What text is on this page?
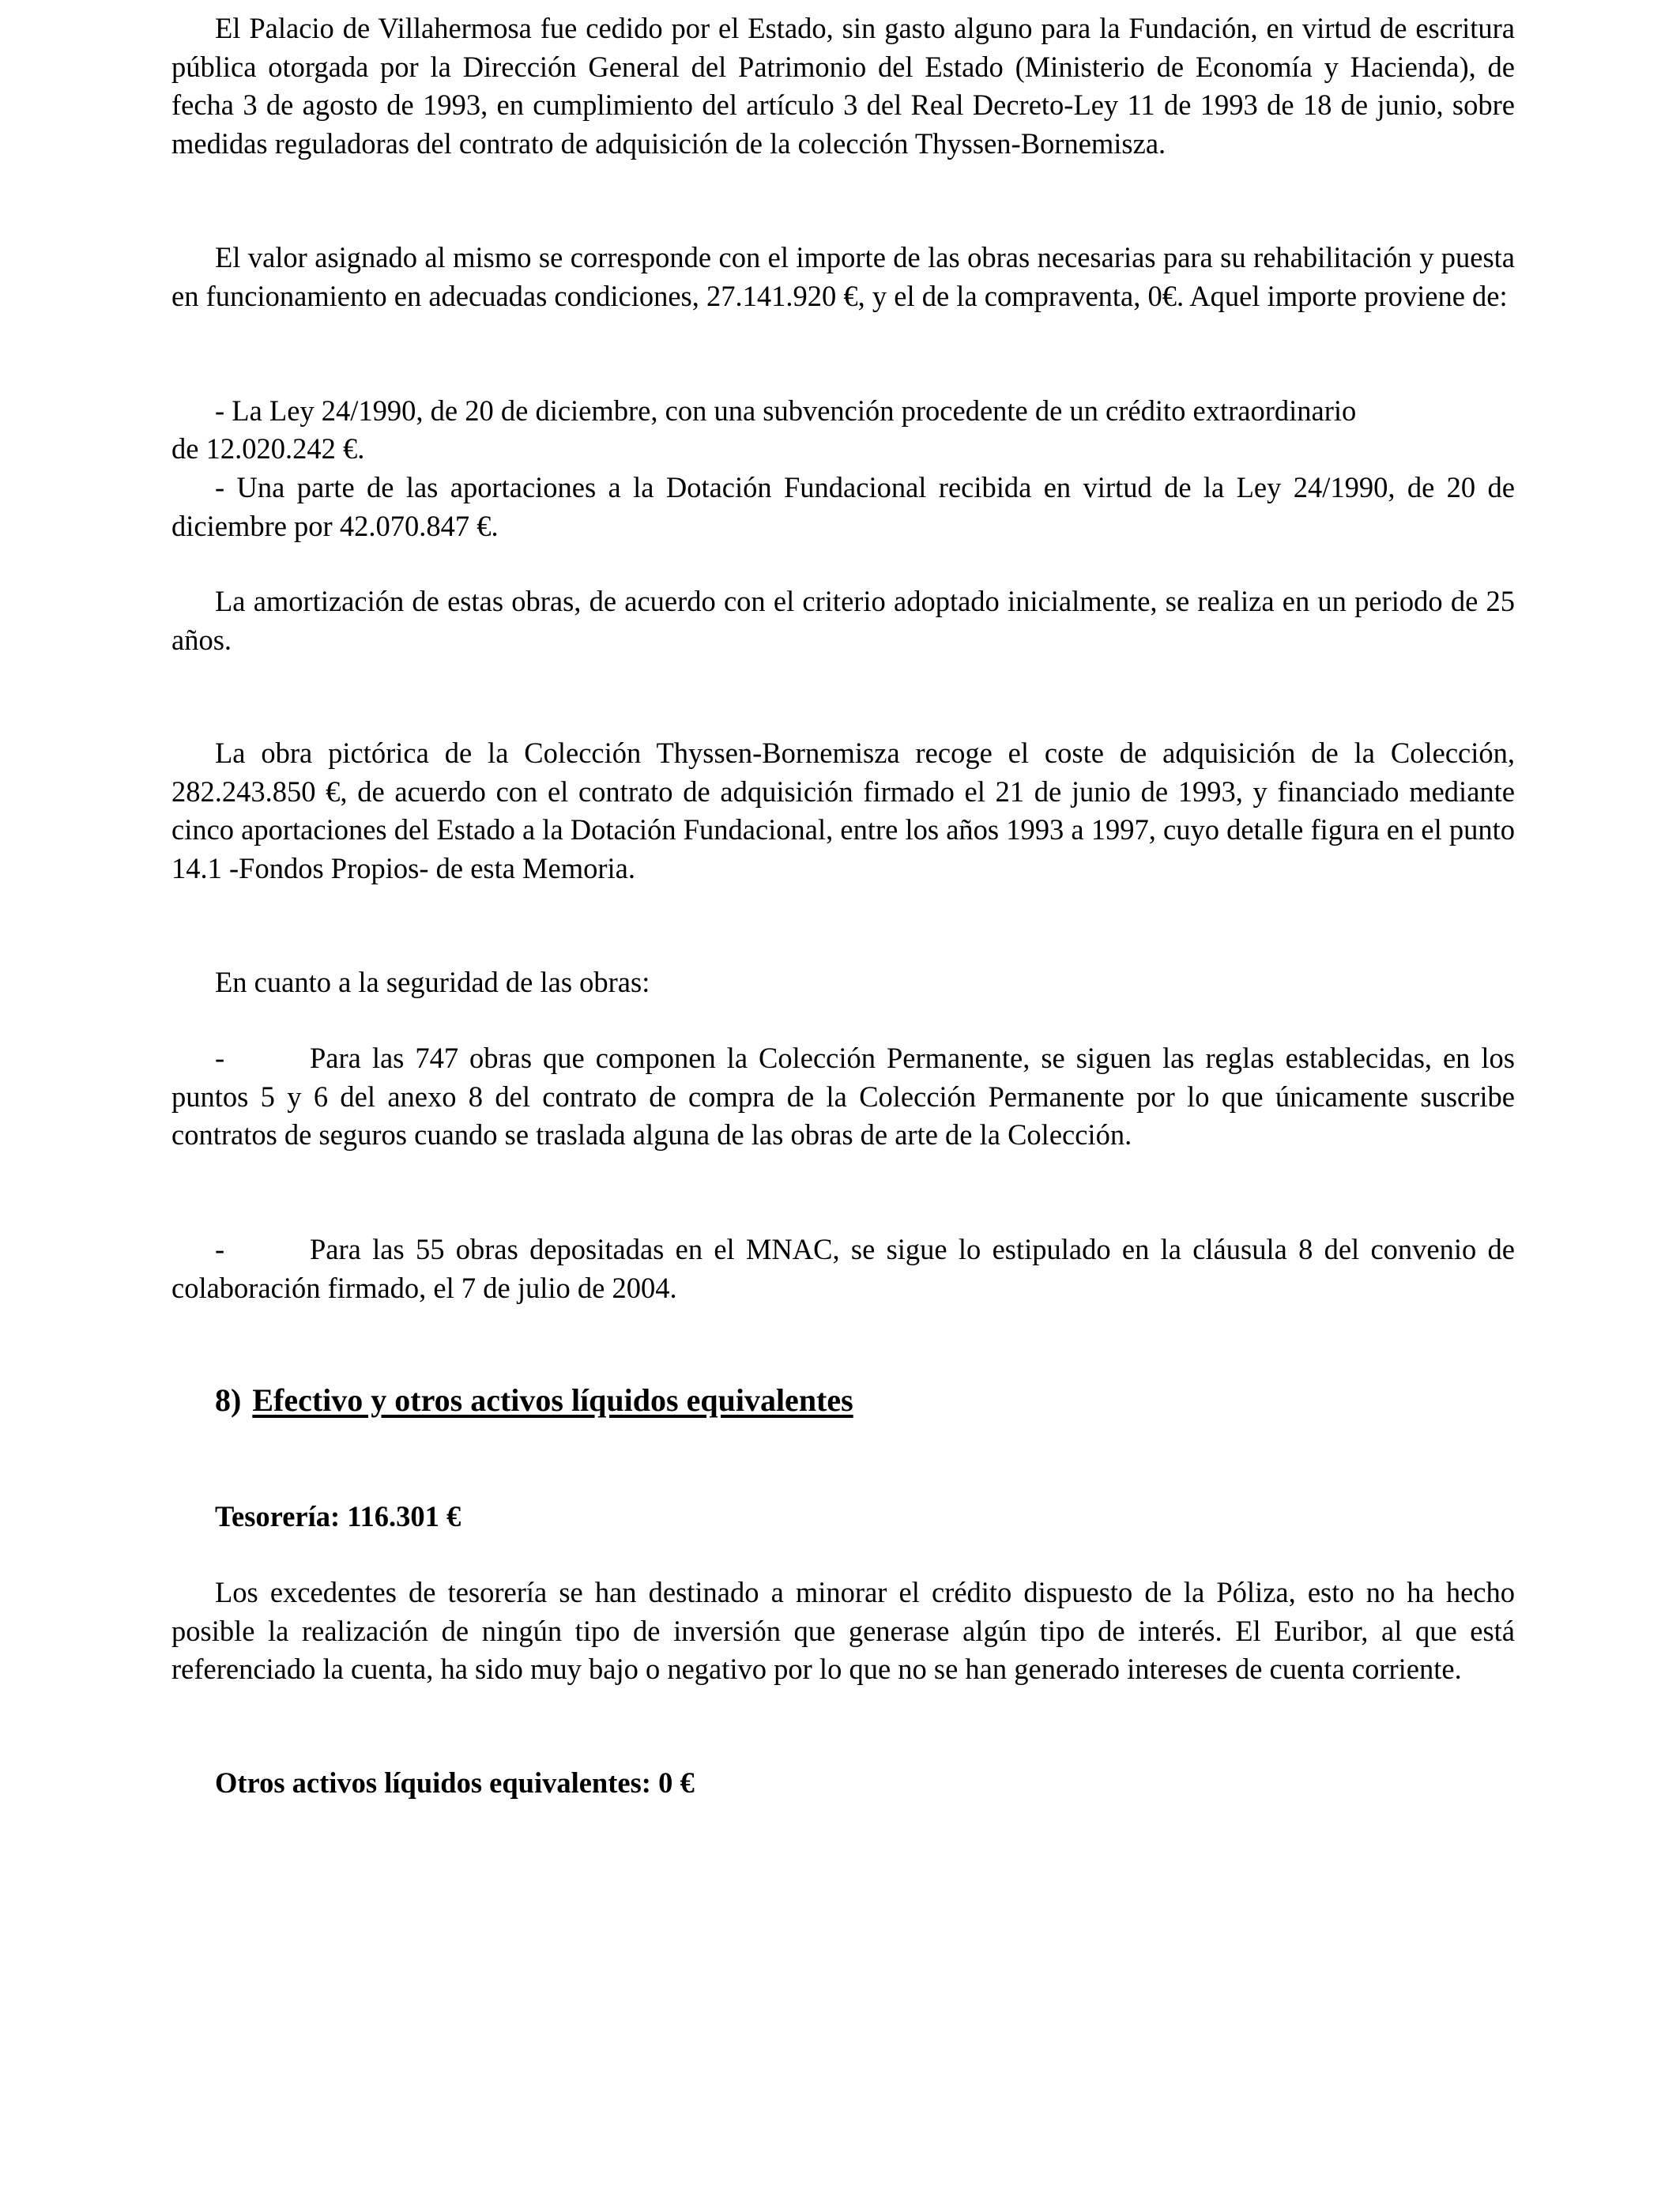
El Palacio de Villahermosa fue cedido por el Estado, sin gasto alguno para la Fundación, en virtud de escritura pública otorgada por la Dirección General del Patrimonio del Estado (Ministerio de Economía y Hacienda), de fecha 3 de agosto de 1993, en cumplimiento del artículo 3 del Real Decreto-Ley 11 de 1993 de 18 de junio, sobre medidas reguladoras del contrato de adquisición de la colección Thyssen-Bornemisza.

El valor asignado al mismo se corresponde con el importe de las obras necesarias para su rehabilitación y puesta en funcionamiento en adecuadas condiciones, 27.141.920 €, y el de la compraventa, 0€. Aquel importe proviene de:

- La Ley 24/1990, de 20 de diciembre, con una subvención procedente de un crédito extraordinario

de 12.020.242 €.

- Una parte de las aportaciones a la Dotación Fundacional recibida en virtud de la Ley 24/1990, de 20 de diciembre por 42.070.847 €.

La amortización de estas obras, de acuerdo con el criterio adoptado inicialmente, se realiza en un periodo de 25 años.

La obra pictórica de la Colección Thyssen-Bornemisza recoge el coste de adquisición de la Colección, 282.243.850 €, de acuerdo con el contrato de adquisición firmado el 21 de junio de 1993, y financiado mediante cinco aportaciones del Estado a la Dotación Fundacional, entre los años 1993 a 1997, cuyo detalle figura en el punto 14.1 -Fondos Propios- de esta Memoria.

En cuanto a la seguridad de las obras:

-	Para las 747 obras que componen la Colección Permanente, se siguen las reglas establecidas, en los puntos 5 y 6 del anexo 8 del contrato de compra de la Colección Permanente por lo que únicamente suscribe contratos de seguros cuando se traslada alguna de las obras de arte de la Colección.

-	Para las 55 obras depositadas en el MNAC, se sigue lo estipulado en la cláusula 8 del convenio de colaboración firmado, el 7 de julio de 2004.

8) Efectivo y otros activos líquidos equivalentes

Tesorería: 116.301 €

Los excedentes de tesorería se han destinado a minorar el crédito dispuesto de la Póliza, esto no ha hecho posible la realización de ningún tipo de inversión que generase algún tipo de interés. El Euribor, al que está referenciado la cuenta, ha sido muy bajo o negativo por lo que no se han generado intereses de cuenta corriente.

Otros activos líquidos equivalentes: 0 €
